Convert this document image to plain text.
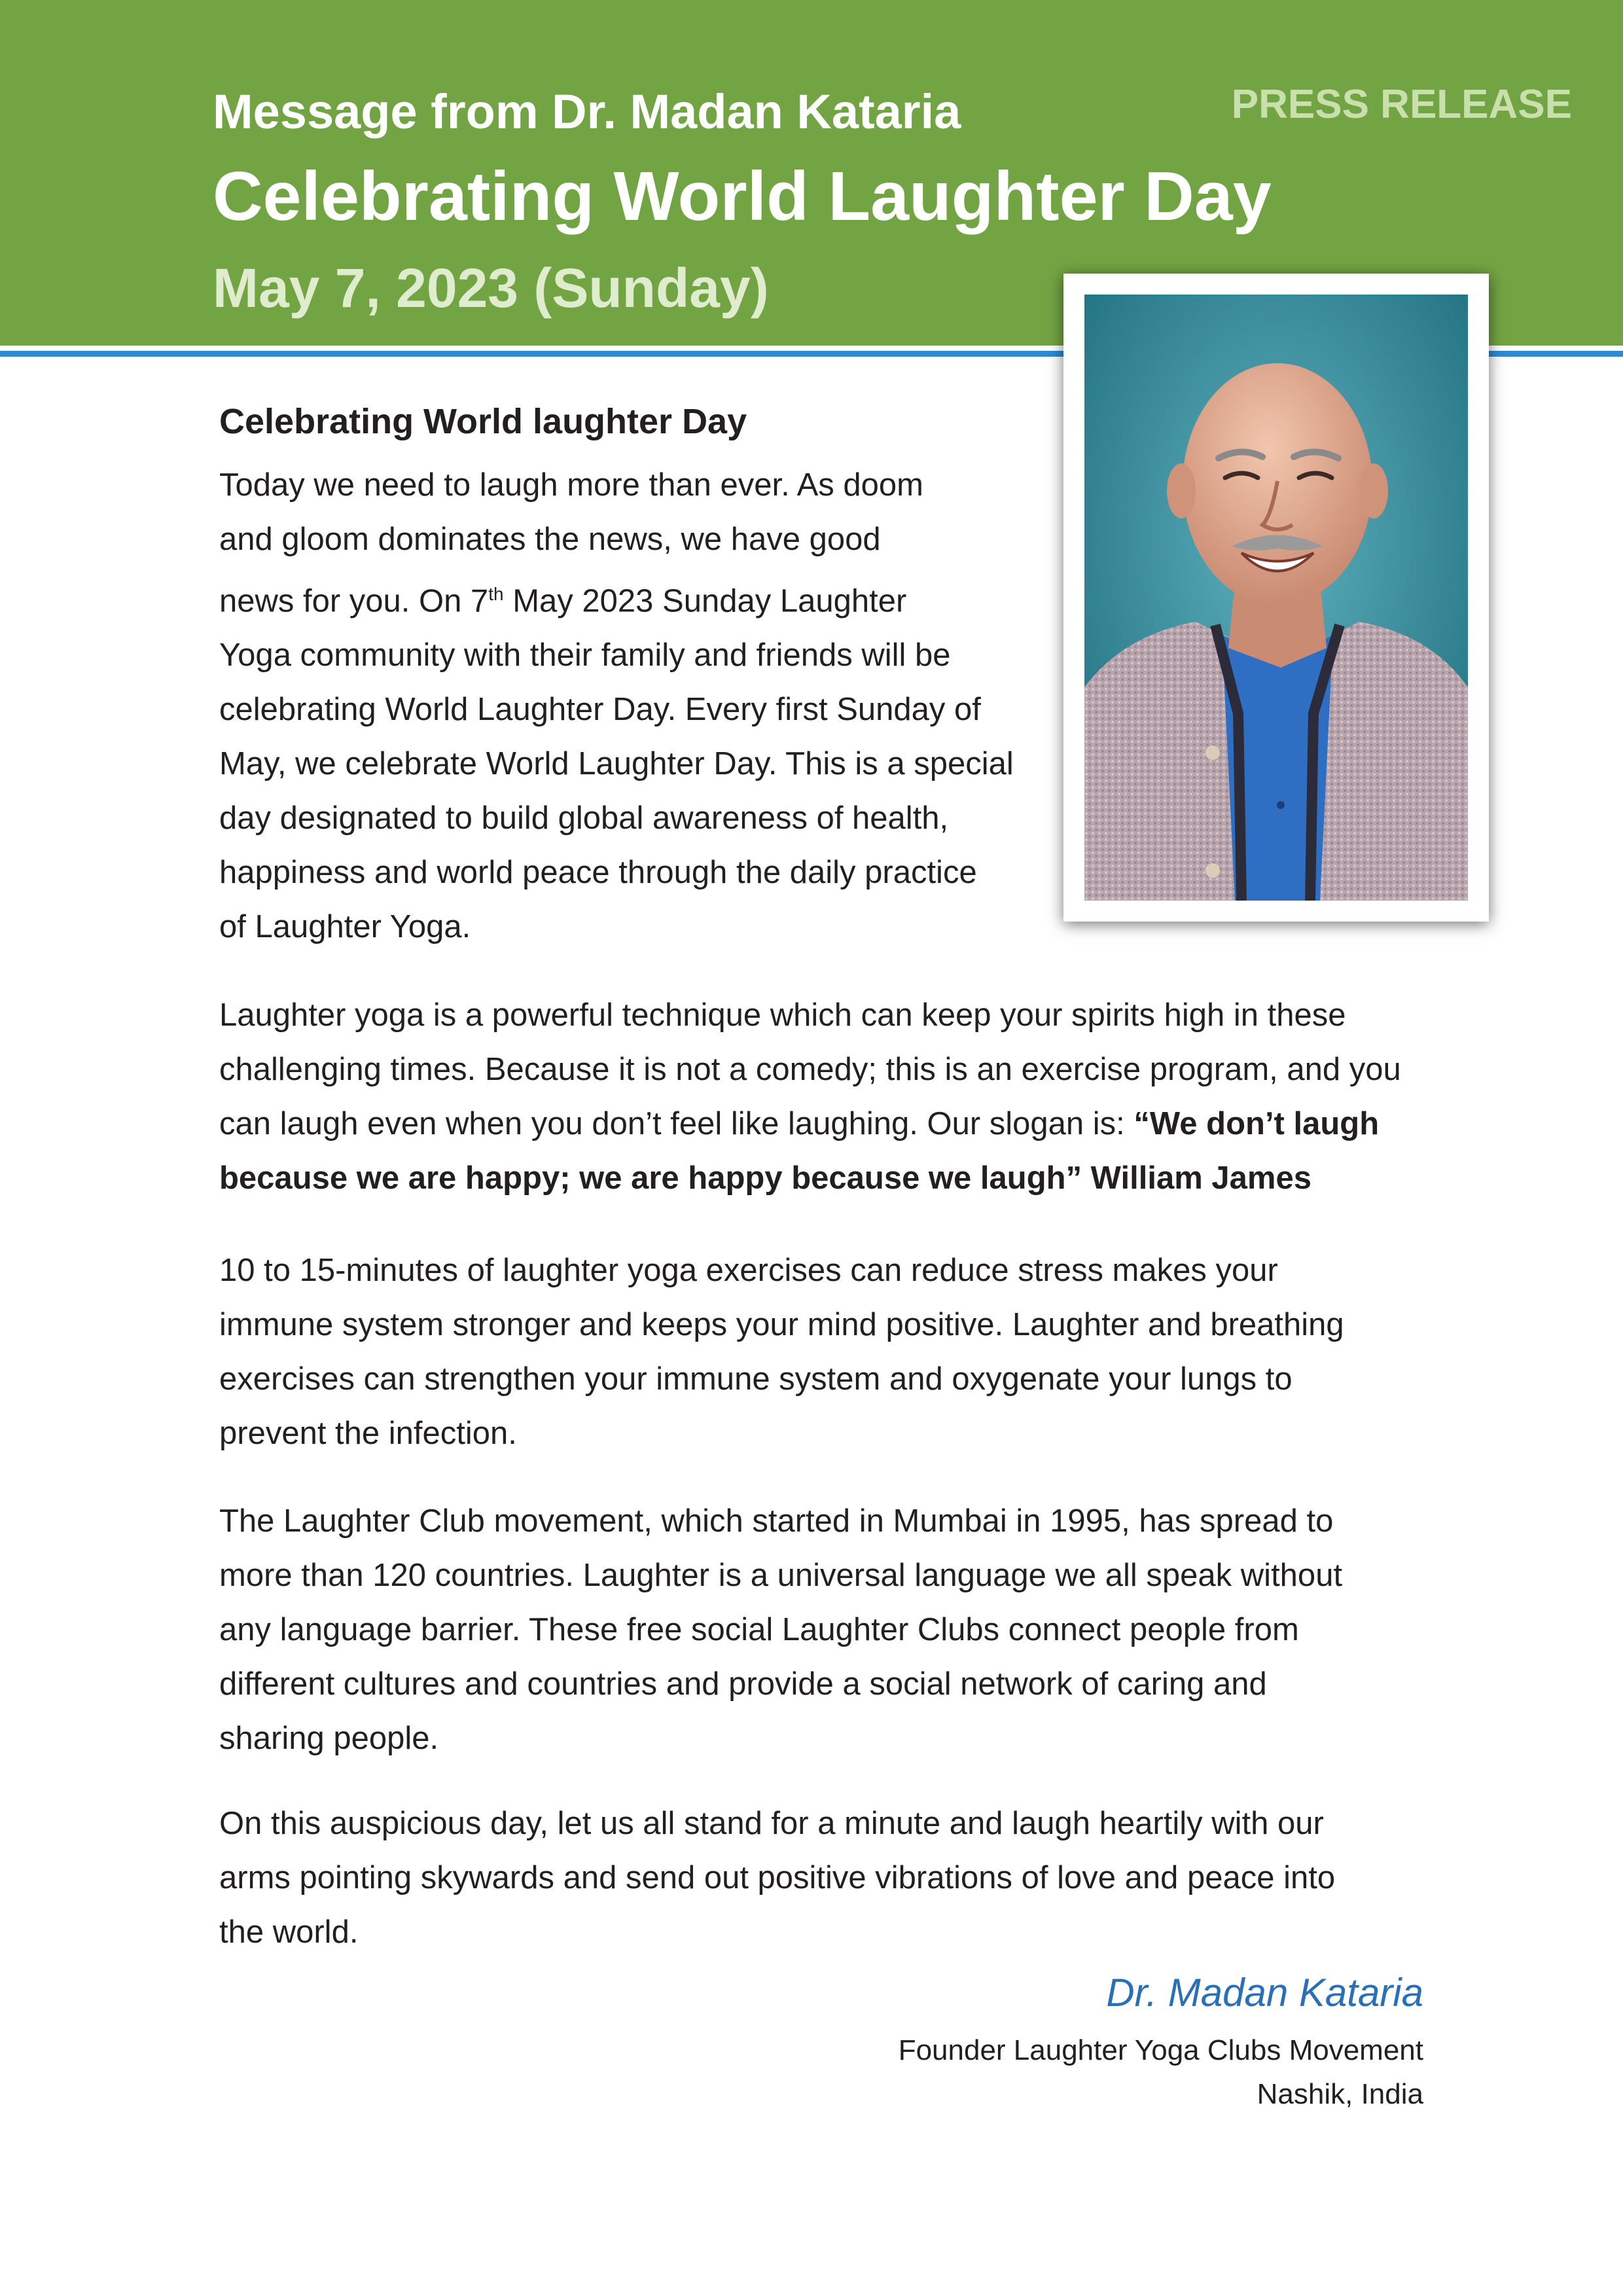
Message from Dr. Madan Kataria
Celebrating World Laughter Day
May 7, 2023 (Sunday)
PRESS RELEASE
Celebrating World laughter Day
Today we need to laugh more than ever. As doom
and gloom dominates the news, we have good
news for you. On 7th May 2023 Sunday Laughter
Yoga community with their family and friends will be
celebrating World Laughter Day. Every first Sunday of
May, we celebrate World Laughter Day. This is a special
day designated to build global awareness of health,
happiness and world peace through the daily practice
of Laughter Yoga.
Laughter yoga is a powerful technique which can keep your spirits high in these
challenging times. Because it is not a comedy; this is an exercise program, and you
can laugh even when you don’t feel like laughing. Our slogan is: “We don’t laugh
because we are happy; we are happy because we laugh” William James
10 to 15-minutes of laughter yoga exercises can reduce stress makes your
immune system stronger and keeps your mind positive. Laughter and breathing
exercises can strengthen your immune system and oxygenate your lungs to
prevent the infection.
The Laughter Club movement, which started in Mumbai in 1995, has spread to
more than 120 countries. Laughter is a universal language we all speak without
any language barrier. These free social Laughter Clubs connect people from
different cultures and countries and provide a social network of caring and
sharing people.
On this auspicious day, let us all stand for a minute and laugh heartily with our
arms pointing skywards and send out positive vibrations of love and peace into
the world.
Dr. Madan Kataria
Founder Laughter Yoga Clubs Movement
Nashik, India
